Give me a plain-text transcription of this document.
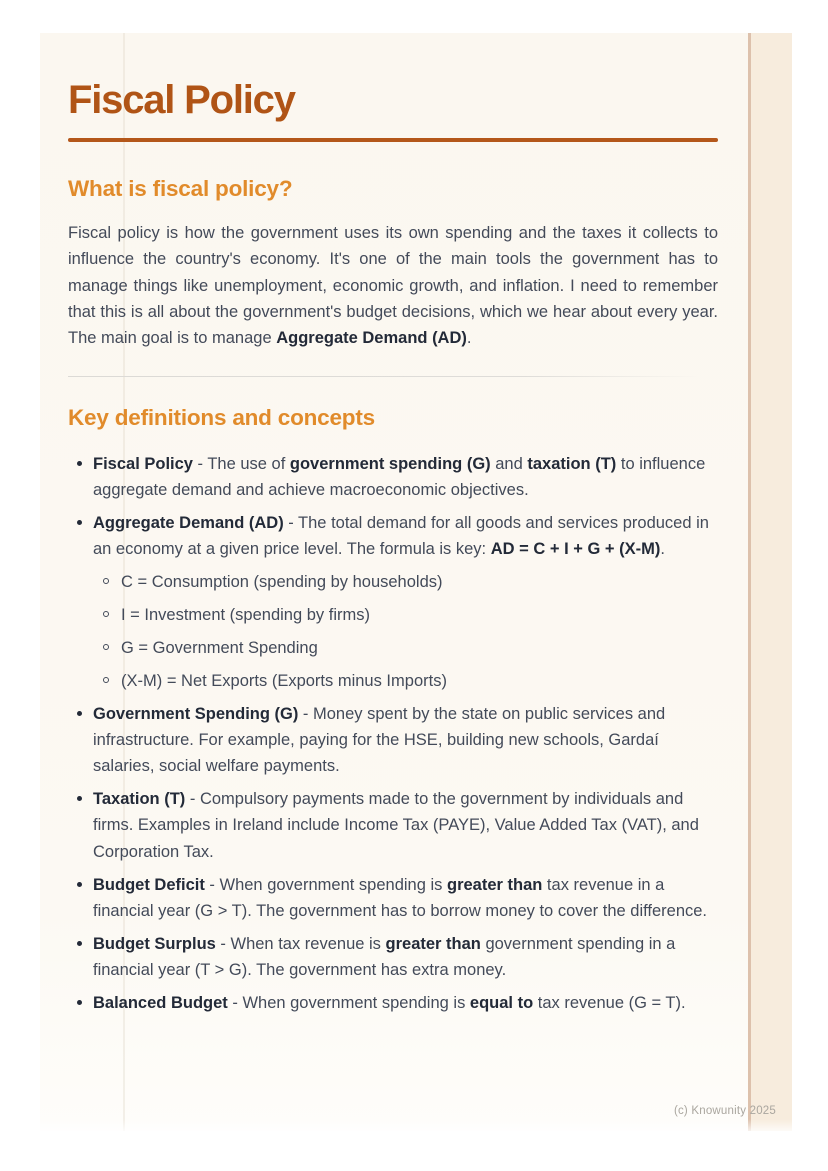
Fiscal Policy
What is fiscal policy?

Fiscal policy is how the government uses its own spending and the taxes it collects to influence the country's economy. It's one of the main tools the government has to manage things like unemployment, economic growth, and inflation. I need to remember that this is all about the government's budget decisions, which we hear about every year. The main goal is to manage Aggregate Demand (AD).

Key definitions and concepts
Fiscal Policy - The use of government spending (G) and taxation (T) to influence aggregate demand and achieve macroeconomic objectives.
Aggregate Demand (AD) - The total demand for all goods and services produced in an economy at a given price level. The formula is key: AD = C + I + G + (X-M).
C = Consumption (spending by households)
I = Investment (spending by firms)
G = Government Spending
(X-M) = Net Exports (Exports minus Imports)
Government Spending (G) - Money spent by the state on public services and infrastructure. For example, paying for the HSE, building new schools, Gardaí salaries, social welfare payments.
Taxation (T) - Compulsory payments made to the government by individuals and firms. Examples in Ireland include Income Tax (PAYE), Value Added Tax (VAT), and Corporation Tax.
Budget Deficit - When government spending is greater than tax revenue in a financial year (G > T). The government has to borrow money to cover the difference.
Budget Surplus - When tax revenue is greater than government spending in a financial year (T > G). The government has extra money.
Balanced Budget - When government spending is equal to tax revenue (G = T).
(c) Knowunity 2025
